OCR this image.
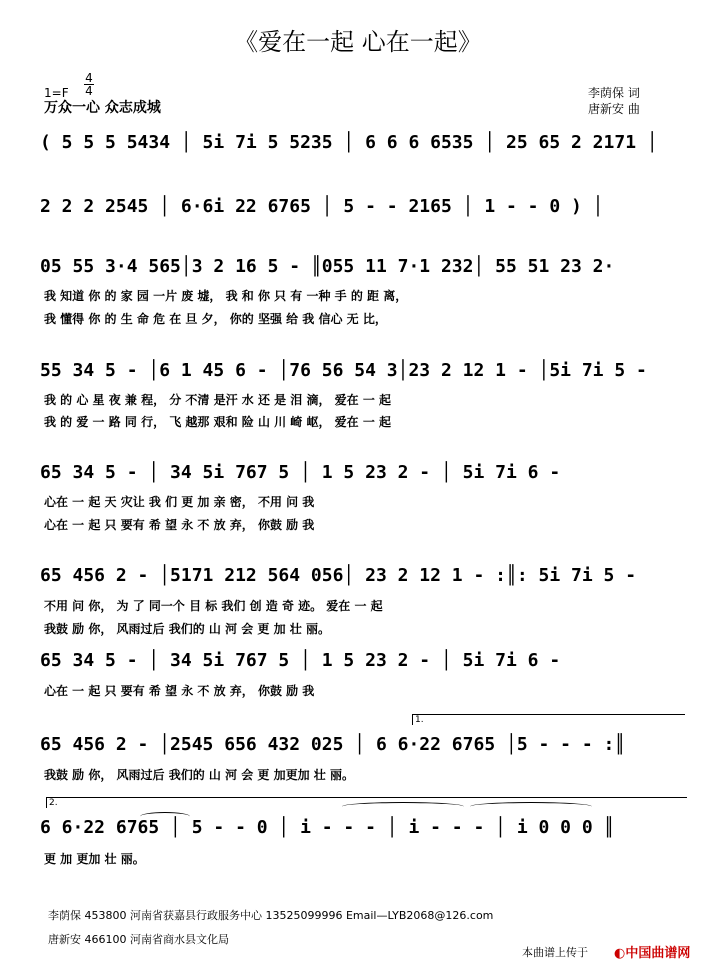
《爱在一起 心在一起》
1=F
4
4
万众一心 众志成城
李荫保 词
唐新安 曲
( 5 5 5 5434 │ 5i 7i 5 5235 │ 6 6 6 6535 │ 25 65 2 2171 │
2 2 2 2545 │ 6·6i 22 6765 │ 5 - - 2165 │ 1 - - 0 ) │
05 55 3·4 565│3 2 16 5 - ║055 11 7·1 232│ 55 51 23 2·
我 知道 你 的 家 园 一片 废 墟， 我 和 你 只 有 一种 手 的 距 离，
我 懂得 你 的 生 命 危 在 旦 夕， 你的 坚强 给 我 信心 无 比，
55 34 5 - │6 1 45 6 - │76 56 54 3│23 2 12 1 - │5i 7i 5 -
我 的 心 星 夜 兼 程， 分 不清 是汗 水 还 是 泪 滴， 爱在 一 起
我 的 爱 一 路 同 行， 飞 越那 艰和 险 山 川 崎 岖， 爱在 一 起
65 34 5 - │ 34 5i 767 5 │ 1 5 23 2 - │ 5i 7i 6 -
心在 一 起 天 灾让 我 们 更 加 亲 密， 不用 问 我
心在 一 起 只 要有 希 望 永 不 放 弃， 你鼓 励 我
65 456 2 - │5171 212 564 056│ 23 2 12 1 - :║: 5i 7i 5 -
不用 问 你， 为 了 同一个 目 标 我们 创 造 奇 迹。 爱在 一 起
我鼓 励 你， 风雨过后 我们的 山 河 会 更 加 壮 丽。
65 34 5 - │ 34 5i 767 5 │ 1 5 23 2 - │ 5i 7i 6 -
心在 一 起 只 要有 希 望 永 不 放 弃， 你鼓 励 我
1.
65 456 2 - │2545 656 432 025 │ 6 6·22 6765 │5 - - - :║
我鼓 励 你， 风雨过后 我们的 山 河 会 更 加更加 壮 丽。
2.
6 6·22 6765 │ 5 - - 0 │ i - - - │ i - - - │ i 0 0 0 ║
更 加 更加 壮 丽。
李荫保 453800 河南省获嘉县行政服务中心 13525099996 Email—LYB2068@126.com
唐新安 466100 河南省商水县文化局
本曲谱上传于 ◐中国曲谱网
